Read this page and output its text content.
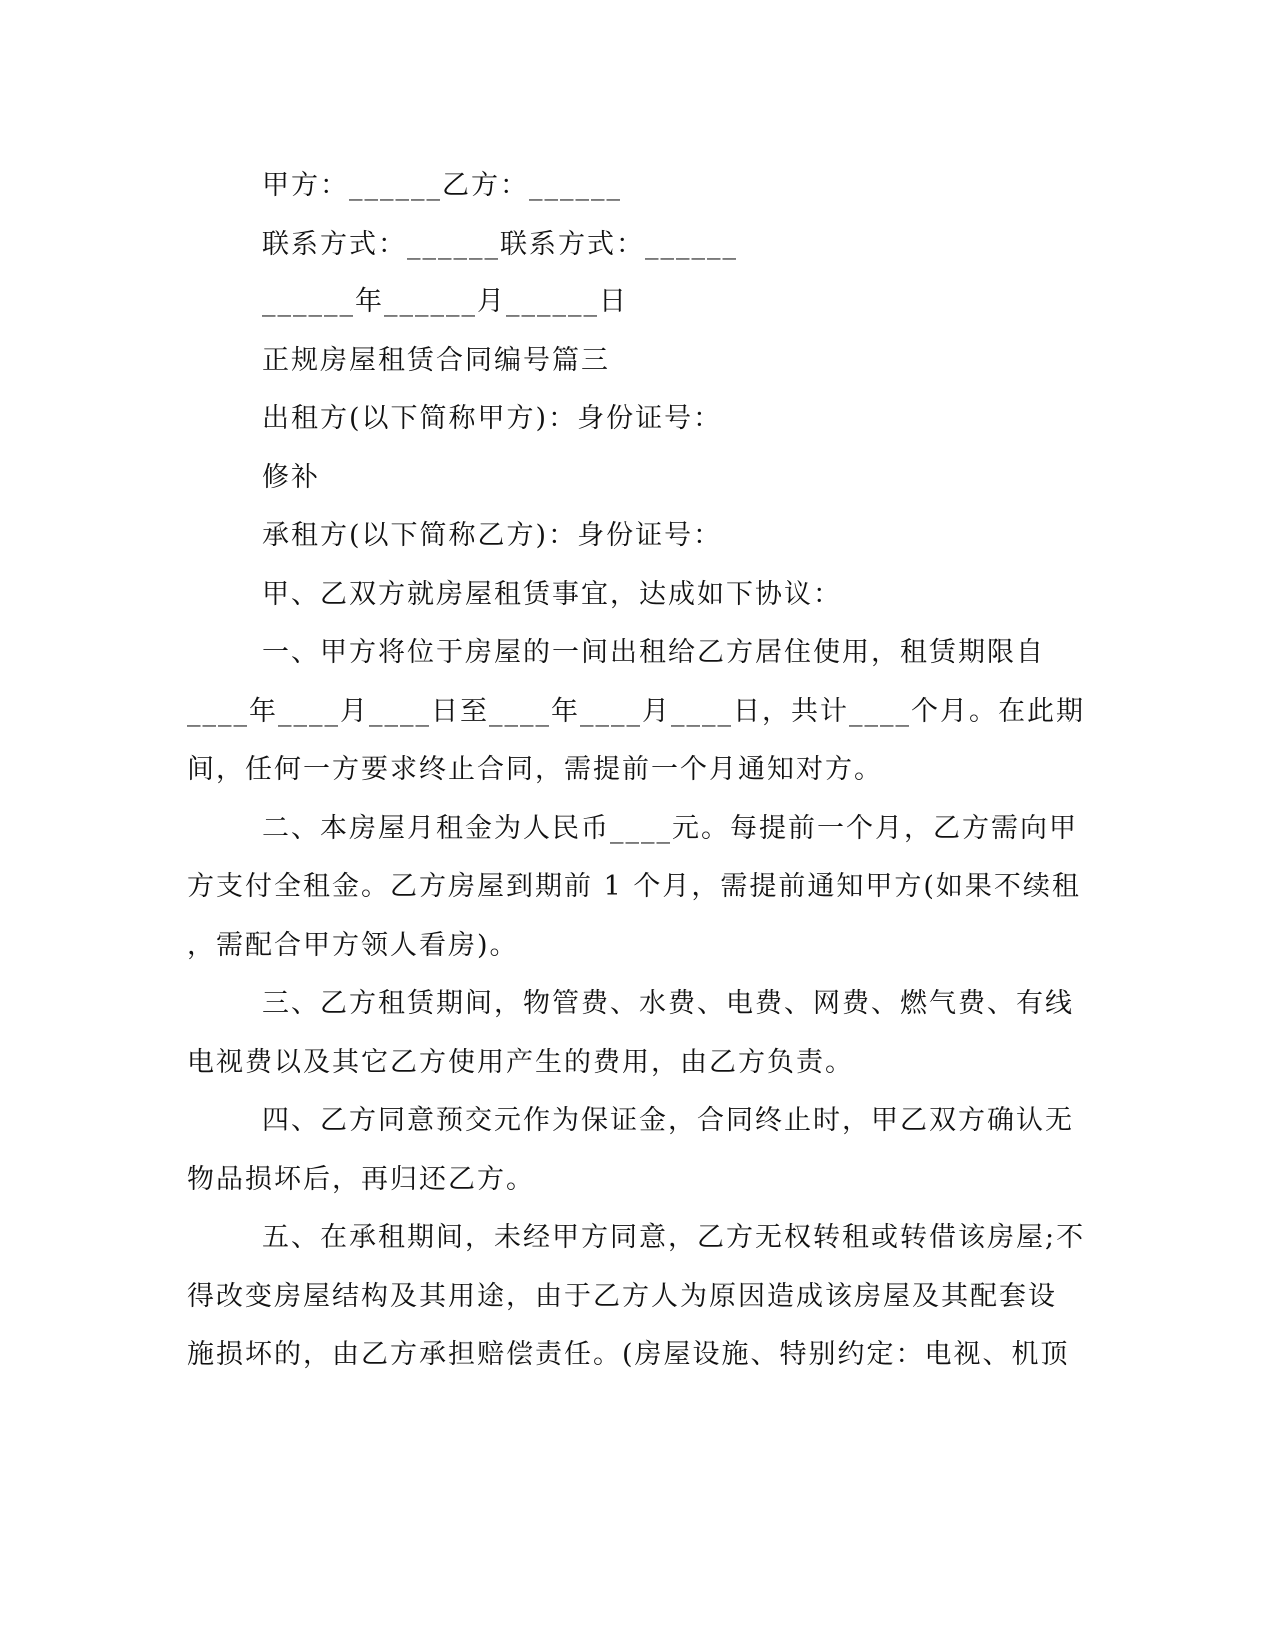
甲方：______乙方：______
联系方式：______联系方式：______
______年______月______日
正规房屋租赁合同编号篇三
出租方(以下简称甲方)：身份证号：
修补
承租方(以下简称乙方)：身份证号：
甲、乙双方就房屋租赁事宜，达成如下协议：
一、甲方将位于房屋的一间出租给乙方居住使用，租赁期限自
____年____月____日至____年____月____日，共计____个月。在此期
间，任何一方要求终止合同，需提前一个月通知对方。
二、本房屋月租金为人民币____元。每提前一个月，乙方需向甲
方支付全租金。乙方房屋到期前 1 个月，需提前通知甲方(如果不续租
，需配合甲方领人看房)。
三、乙方租赁期间，物管费、水费、电费、网费、燃气费、有线
电视费以及其它乙方使用产生的费用，由乙方负责。
四、乙方同意预交元作为保证金，合同终止时，甲乙双方确认无
物品损坏后，再归还乙方。
五、在承租期间，未经甲方同意，乙方无权转租或转借该房屋;不
得改变房屋结构及其用途，由于乙方人为原因造成该房屋及其配套设
施损坏的，由乙方承担赔偿责任。(房屋设施、特别约定：电视、机顶
